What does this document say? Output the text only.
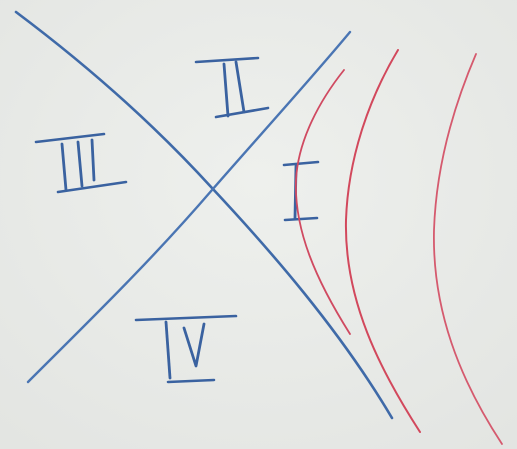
I
II
III
IV
